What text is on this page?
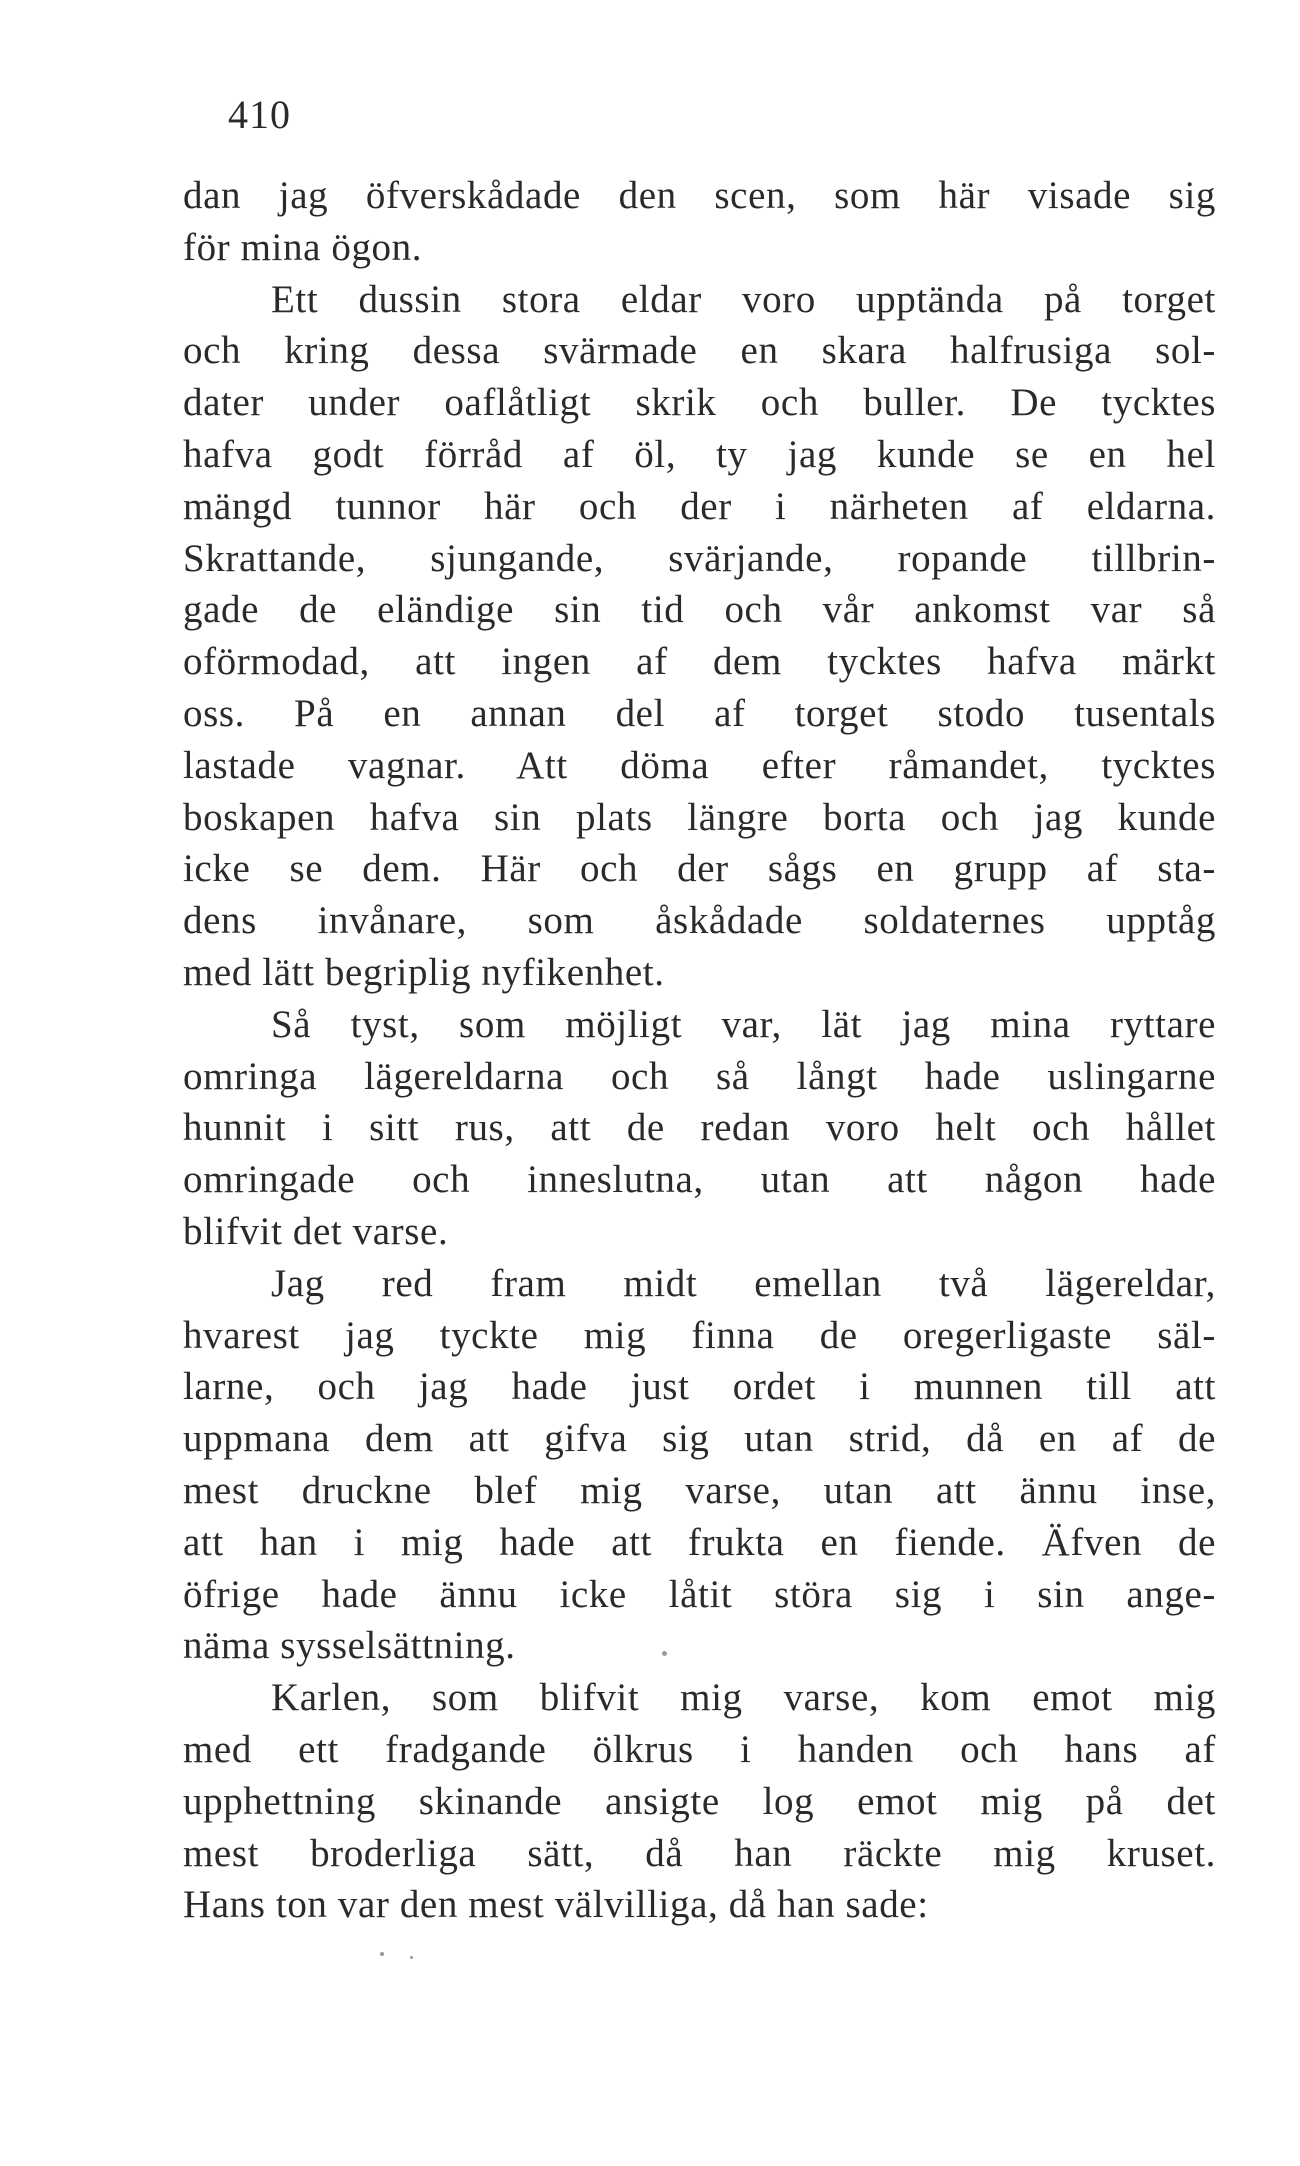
410
dan jag öfverskådade den scen, som här visade sig
för mina ögon.
Ett dussin stora eldar voro upptända på torget
och kring dessa svärmade en skara halfrusiga sol-
dater under oaflåtligt skrik och buller. De tycktes
hafva godt förråd af öl, ty jag kunde se en hel
mängd tunnor här och der i närheten af eldarna.
Skrattande, sjungande, svärjande, ropande tillbrin-
gade de eländige sin tid och vår ankomst var så
oförmodad, att ingen af dem tycktes hafva märkt
oss. På en annan del af torget stodo tusentals
lastade vagnar. Att döma efter råmandet, tycktes
boskapen hafva sin plats längre borta och jag kunde
icke se dem. Här och der sågs en grupp af sta-
dens invånare, som åskådade soldaternes upptåg
med lätt begriplig nyfikenhet.
Så tyst, som möjligt var, lät jag mina ryttare
omringa lägereldarna och så långt hade uslingarne
hunnit i sitt rus, att de redan voro helt och hållet
omringade och inneslutna, utan att någon hade
blifvit det varse.
Jag red fram midt emellan två lägereldar,
hvarest jag tyckte mig finna de oregerligaste säl-
larne, och jag hade just ordet i munnen till att
uppmana dem att gifva sig utan strid, då en af de
mest druckne blef mig varse, utan att ännu inse,
att han i mig hade att frukta en fiende. Äfven de
öfrige hade ännu icke låtit störa sig i sin ange-
näma sysselsättning.
Karlen, som blifvit mig varse, kom emot mig
med ett fradgande ölkrus i handen och hans af
upphettning skinande ansigte log emot mig på det
mest broderliga sätt, då han räckte mig kruset.
Hans ton var den mest välvilliga, då han sade:
